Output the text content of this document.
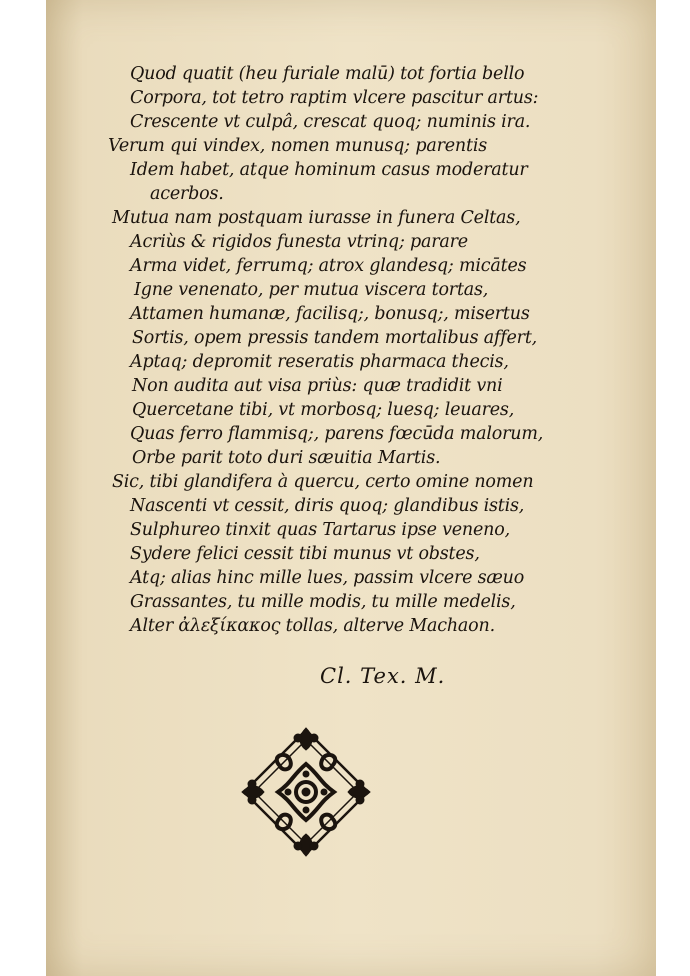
Quod quatit (heu furiale malū) tot fortia bello
Corpora, tot tetro raptim vlcere pascitur artus:
Crescente vt culpâ, crescat quoq; numinis ira.
Verum qui vindex, nomen munusq; parentis
Idem habet, atque hominum casus moderatur
acerbos.
Mutua nam postquam iurasse in funera Celtas,
Acriùs & rigidos funesta vtrinq; parare
Arma videt, ferrumq; atrox glandesq; micātes
Igne venenato, per mutua viscera tortas,
Attamen humanæ, facilisq;, bonusq;, misertus
Sortis, opem pressis tandem mortalibus affert,
Aptaq; depromit reseratis pharmaca thecis,
Non audita aut visa priùs: quæ tradidit vni
Quercetane tibi, vt morbosq; luesq; leuares,
Quas ferro flammisq;, parens fœcūda malorum,
Orbe parit toto duri sæuitia Martis.
Sic, tibi glandifera à quercu, certo omine nomen
Nascenti vt cessit, diris quoq; glandibus istis,
Sulphureo tinxit quas Tartarus ipse veneno,
Sydere felici cessit tibi munus vt obstes,
Atq; alias hinc mille lues, passim vlcere sæuo
Grassantes, tu mille modis, tu mille medelis,
Alter ἀλεξίκακος tollas, alterve Machaon.
Cl. Tex. M.
